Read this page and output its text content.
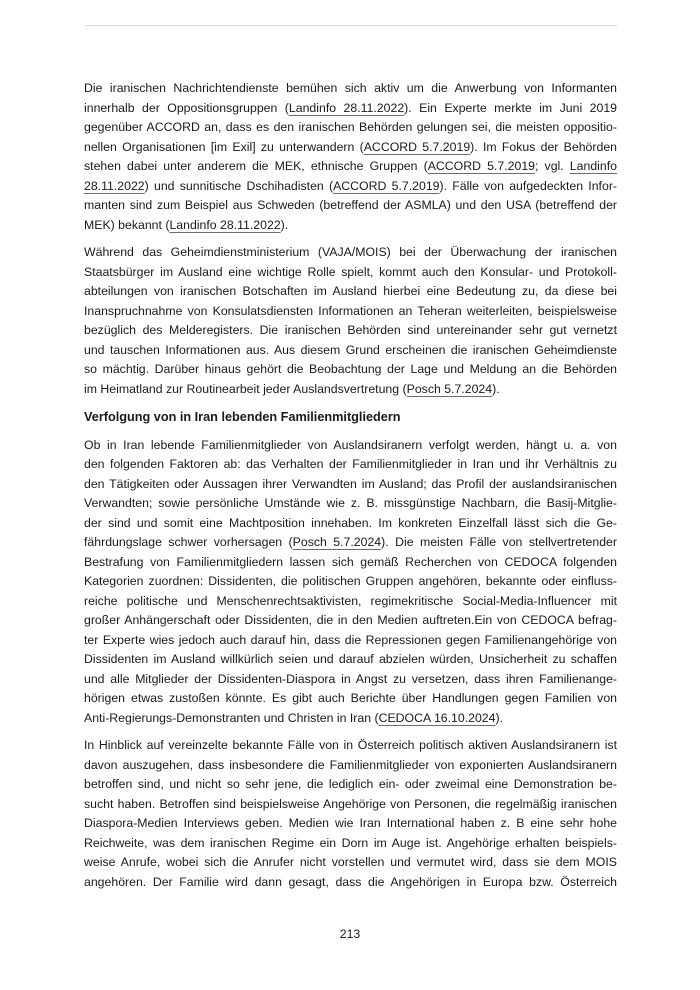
Die iranischen Nachrichtendienste bemühen sich aktiv um die Anwerbung von Informanten
innerhalb der Oppositionsgruppen (Landinfo 28.11.2022). Ein Experte merkte im Juni 2019
gegenüber ACCORD an, dass es den iranischen Behörden gelungen sei, die meisten oppositio-
nellen Organisationen [im Exil] zu unterwandern (ACCORD 5.7.2019). Im Fokus der Behörden
stehen dabei unter anderem die MEK, ethnische Gruppen (ACCORD 5.7.2019; vgl. Landinfo
28.11.2022) und sunnitische Dschihadisten (ACCORD 5.7.2019). Fälle von aufgedeckten Infor-
manten sind zum Beispiel aus Schweden (betreffend der ASMLA) und den USA (betreffend der
MEK) bekannt (Landinfo 28.11.2022).
Während das Geheimdienstministerium (VAJA/MOIS) bei der Überwachung der iranischen
Staatsbürger im Ausland eine wichtige Rolle spielt, kommt auch den Konsular- und Protokoll-
abteilungen von iranischen Botschaften im Ausland hierbei eine Bedeutung zu, da diese bei
Inanspruchnahme von Konsulatsdiensten Informationen an Teheran weiterleiten, beispielsweise
bezüglich des Melderegisters. Die iranischen Behörden sind untereinander sehr gut vernetzt
und tauschen Informationen aus. Aus diesem Grund erscheinen die iranischen Geheimdienste
so mächtig. Darüber hinaus gehört die Beobachtung der Lage und Meldung an die Behörden
im Heimatland zur Routinearbeit jeder Auslandsvertretung (Posch 5.7.2024).
Verfolgung von in Iran lebenden Familienmitgliedern
Ob in Iran lebende Familienmitglieder von Auslandsiranern verfolgt werden, hängt u. a. von
den folgenden Faktoren ab: das Verhalten der Familienmitglieder in Iran und ihr Verhältnis zu
den Tätigkeiten oder Aussagen ihrer Verwandten im Ausland; das Profil der auslandsiranischen
Verwandten; sowie persönliche Umstände wie z. B. missgünstige Nachbarn, die Basij-Mitglie-
der sind und somit eine Machtposition innehaben. Im konkreten Einzelfall lässt sich die Ge-
fährdungslage schwer vorhersagen (Posch 5.7.2024). Die meisten Fälle von stellvertretender
Bestrafung von Familienmitgliedern lassen sich gemäß Recherchen von CEDOCA folgenden
Kategorien zuordnen: Dissidenten, die politischen Gruppen angehören, bekannte oder einfluss-
reiche politische und Menschenrechtsaktivisten, regimekritische Social-Media-Influencer mit
großer Anhängerschaft oder Dissidenten, die in den Medien auftreten.Ein von CEDOCA befrag-
ter Experte wies jedoch auch darauf hin, dass die Repressionen gegen Familienangehörige von
Dissidenten im Ausland willkürlich seien und darauf abzielen würden, Unsicherheit zu schaffen
und alle Mitglieder der Dissidenten-Diaspora in Angst zu versetzen, dass ihren Familienange-
hörigen etwas zustoßen könnte. Es gibt auch Berichte über Handlungen gegen Familien von
Anti-Regierungs-Demonstranten und Christen in Iran (CEDOCA 16.10.2024).
In Hinblick auf vereinzelte bekannte Fälle von in Österreich politisch aktiven Auslandsiranern ist
davon auszugehen, dass insbesondere die Familienmitglieder von exponierten Auslandsiranern
betroffen sind, und nicht so sehr jene, die lediglich ein- oder zweimal eine Demonstration be-
sucht haben. Betroffen sind beispielsweise Angehörige von Personen, die regelmäßig iranischen
Diaspora-Medien Interviews geben. Medien wie Iran International haben z. B eine sehr hohe
Reichweite, was dem iranischen Regime ein Dorn im Auge ist. Angehörige erhalten beispiels-
weise Anrufe, wobei sich die Anrufer nicht vorstellen und vermutet wird, dass sie dem MOIS
angehören. Der Familie wird dann gesagt, dass die Angehörigen in Europa bzw. Österreich
213
